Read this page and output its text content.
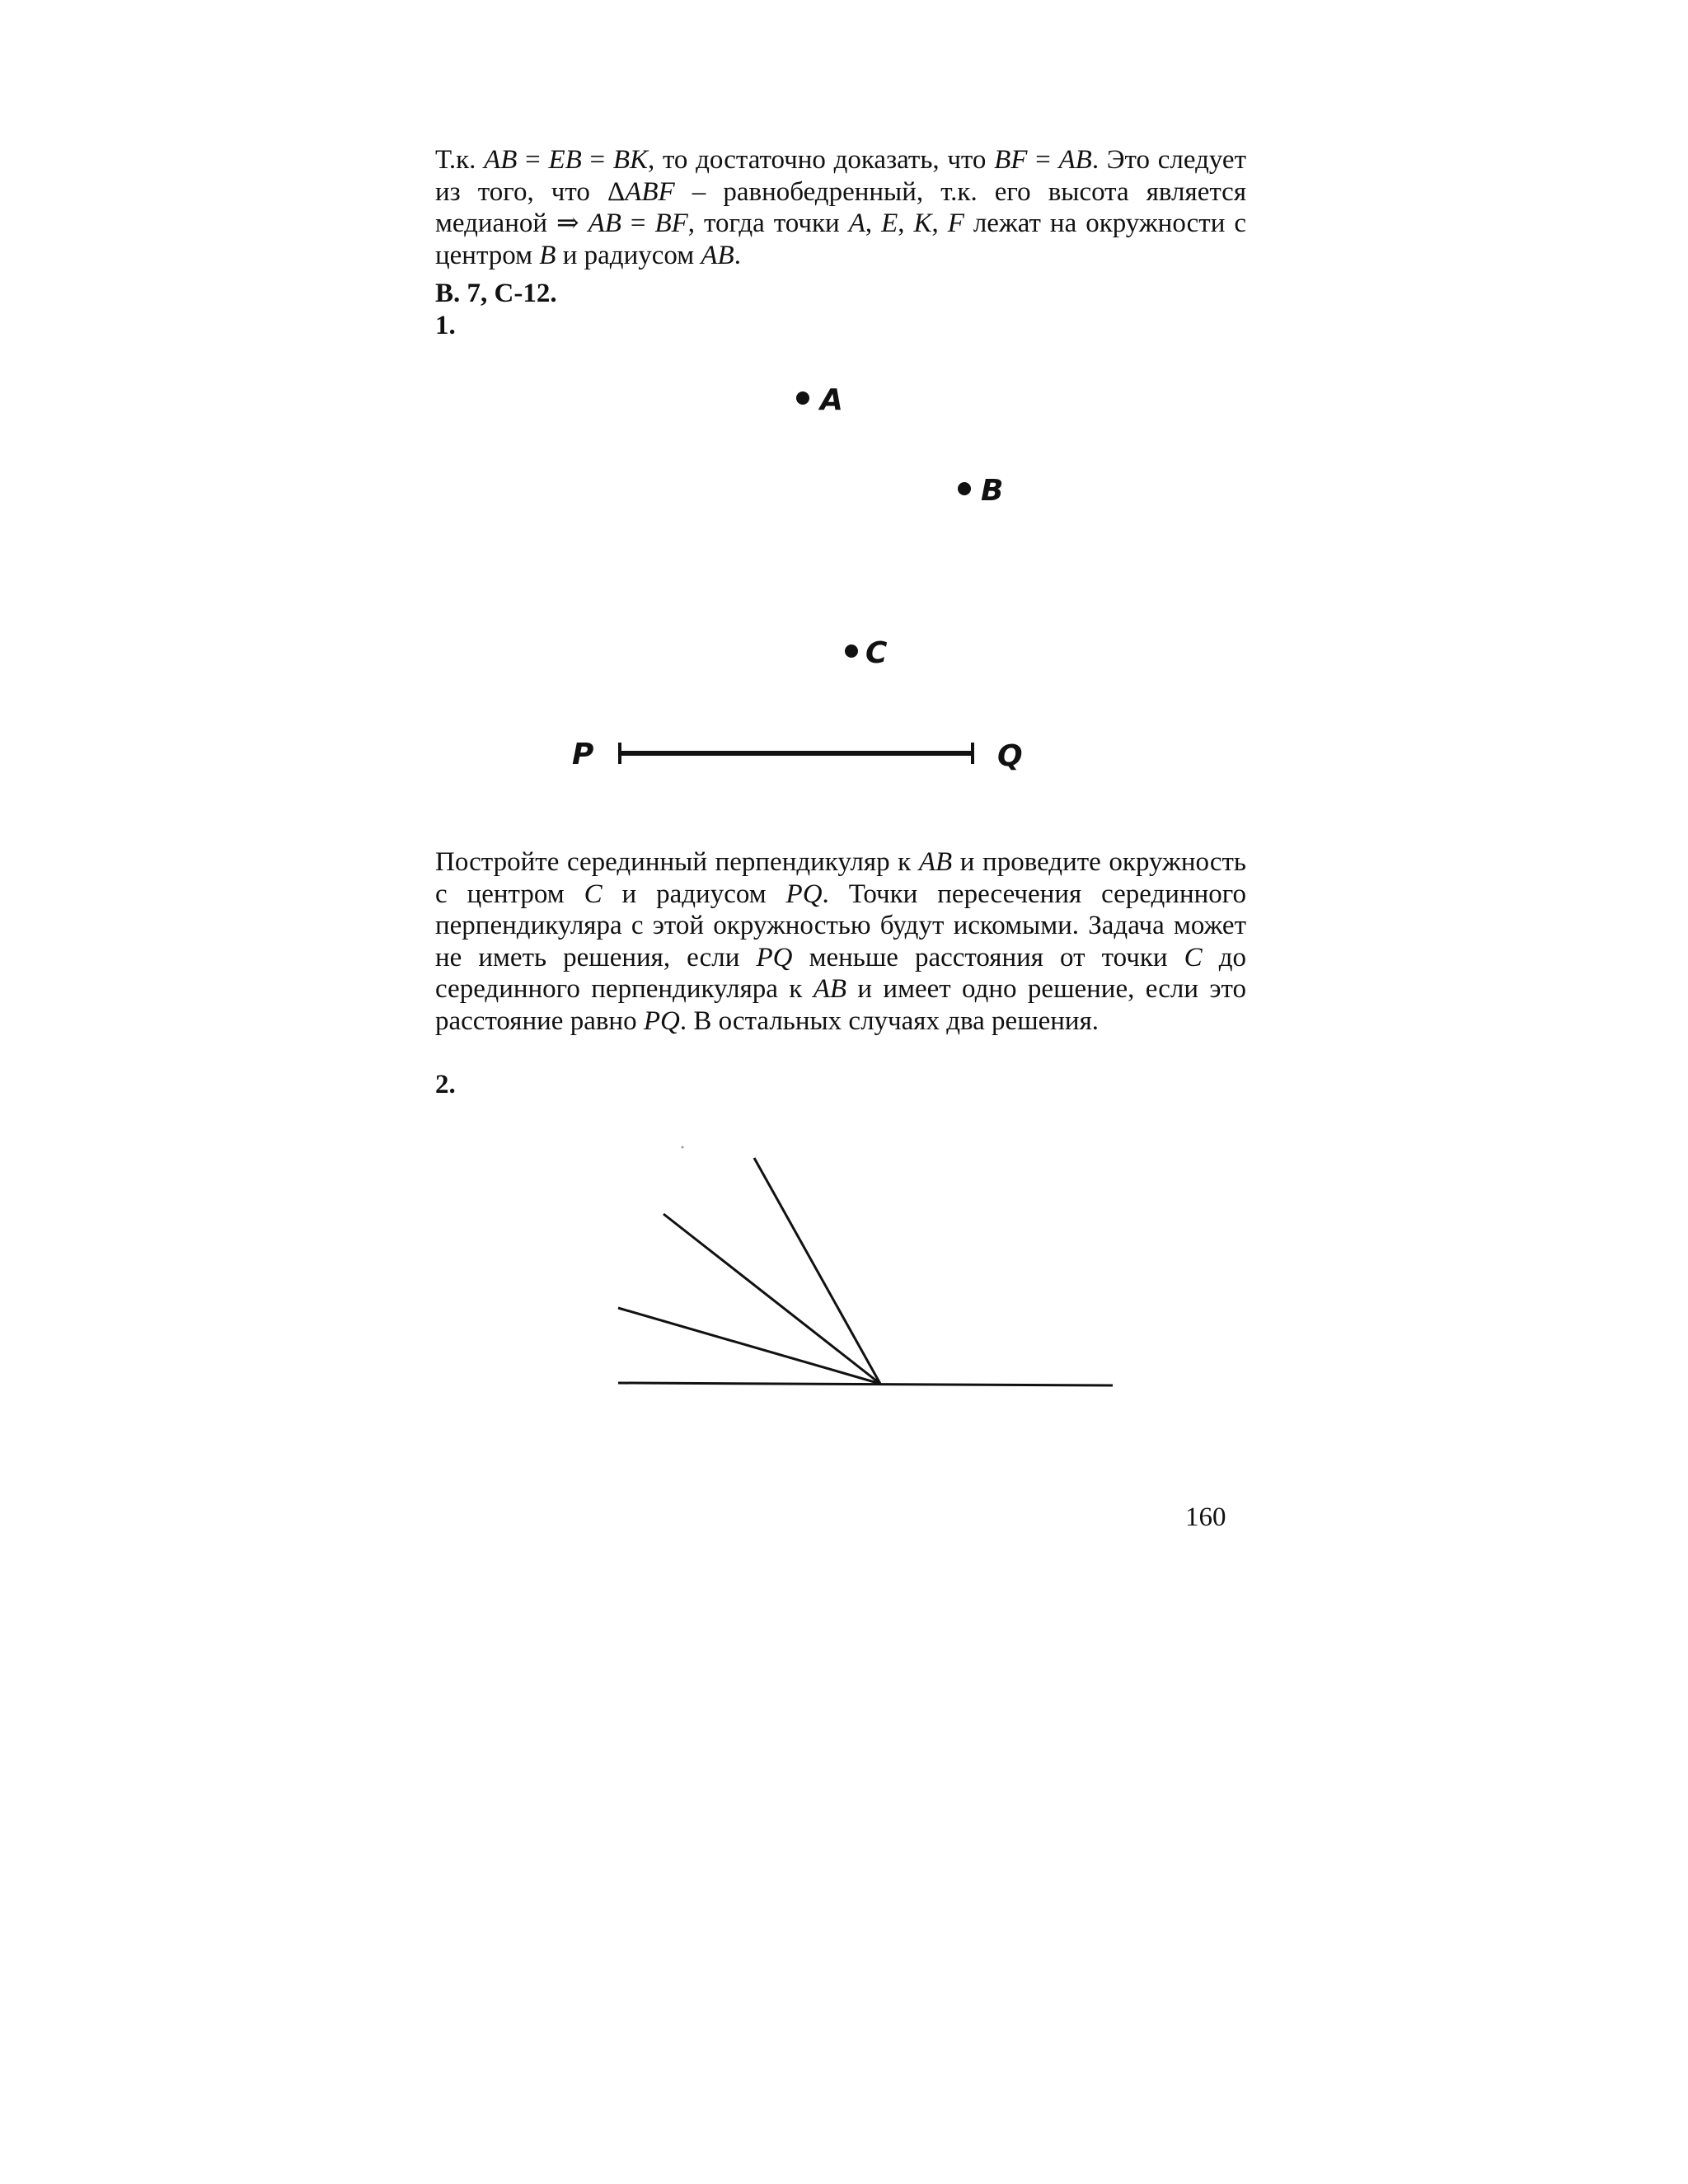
Т.к. AB = EB = BK, то достаточно доказать, что BF = AB. Это следует из того, что ΔABF – равнобедренный, т.к. его высота является медианой ⇒ AB = BF, тогда точки A, E, K, F лежат на окружности с центром B и радиусом AB.

В. 7, С-12.

1.

A
B
C
P	Q

Постройте серединный перпендикуляр к AB и проведите окружность с центром C и радиусом PQ. Точки пересечения серединного перпендикуляра с этой окружностью будут искомыми. Задача может не иметь решения, если PQ меньше расстояния от точки C до серединного перпендикуляра к AB и имеет одно решение, если это расстояние равно PQ. В остальных случаях два решения.

2.

160
